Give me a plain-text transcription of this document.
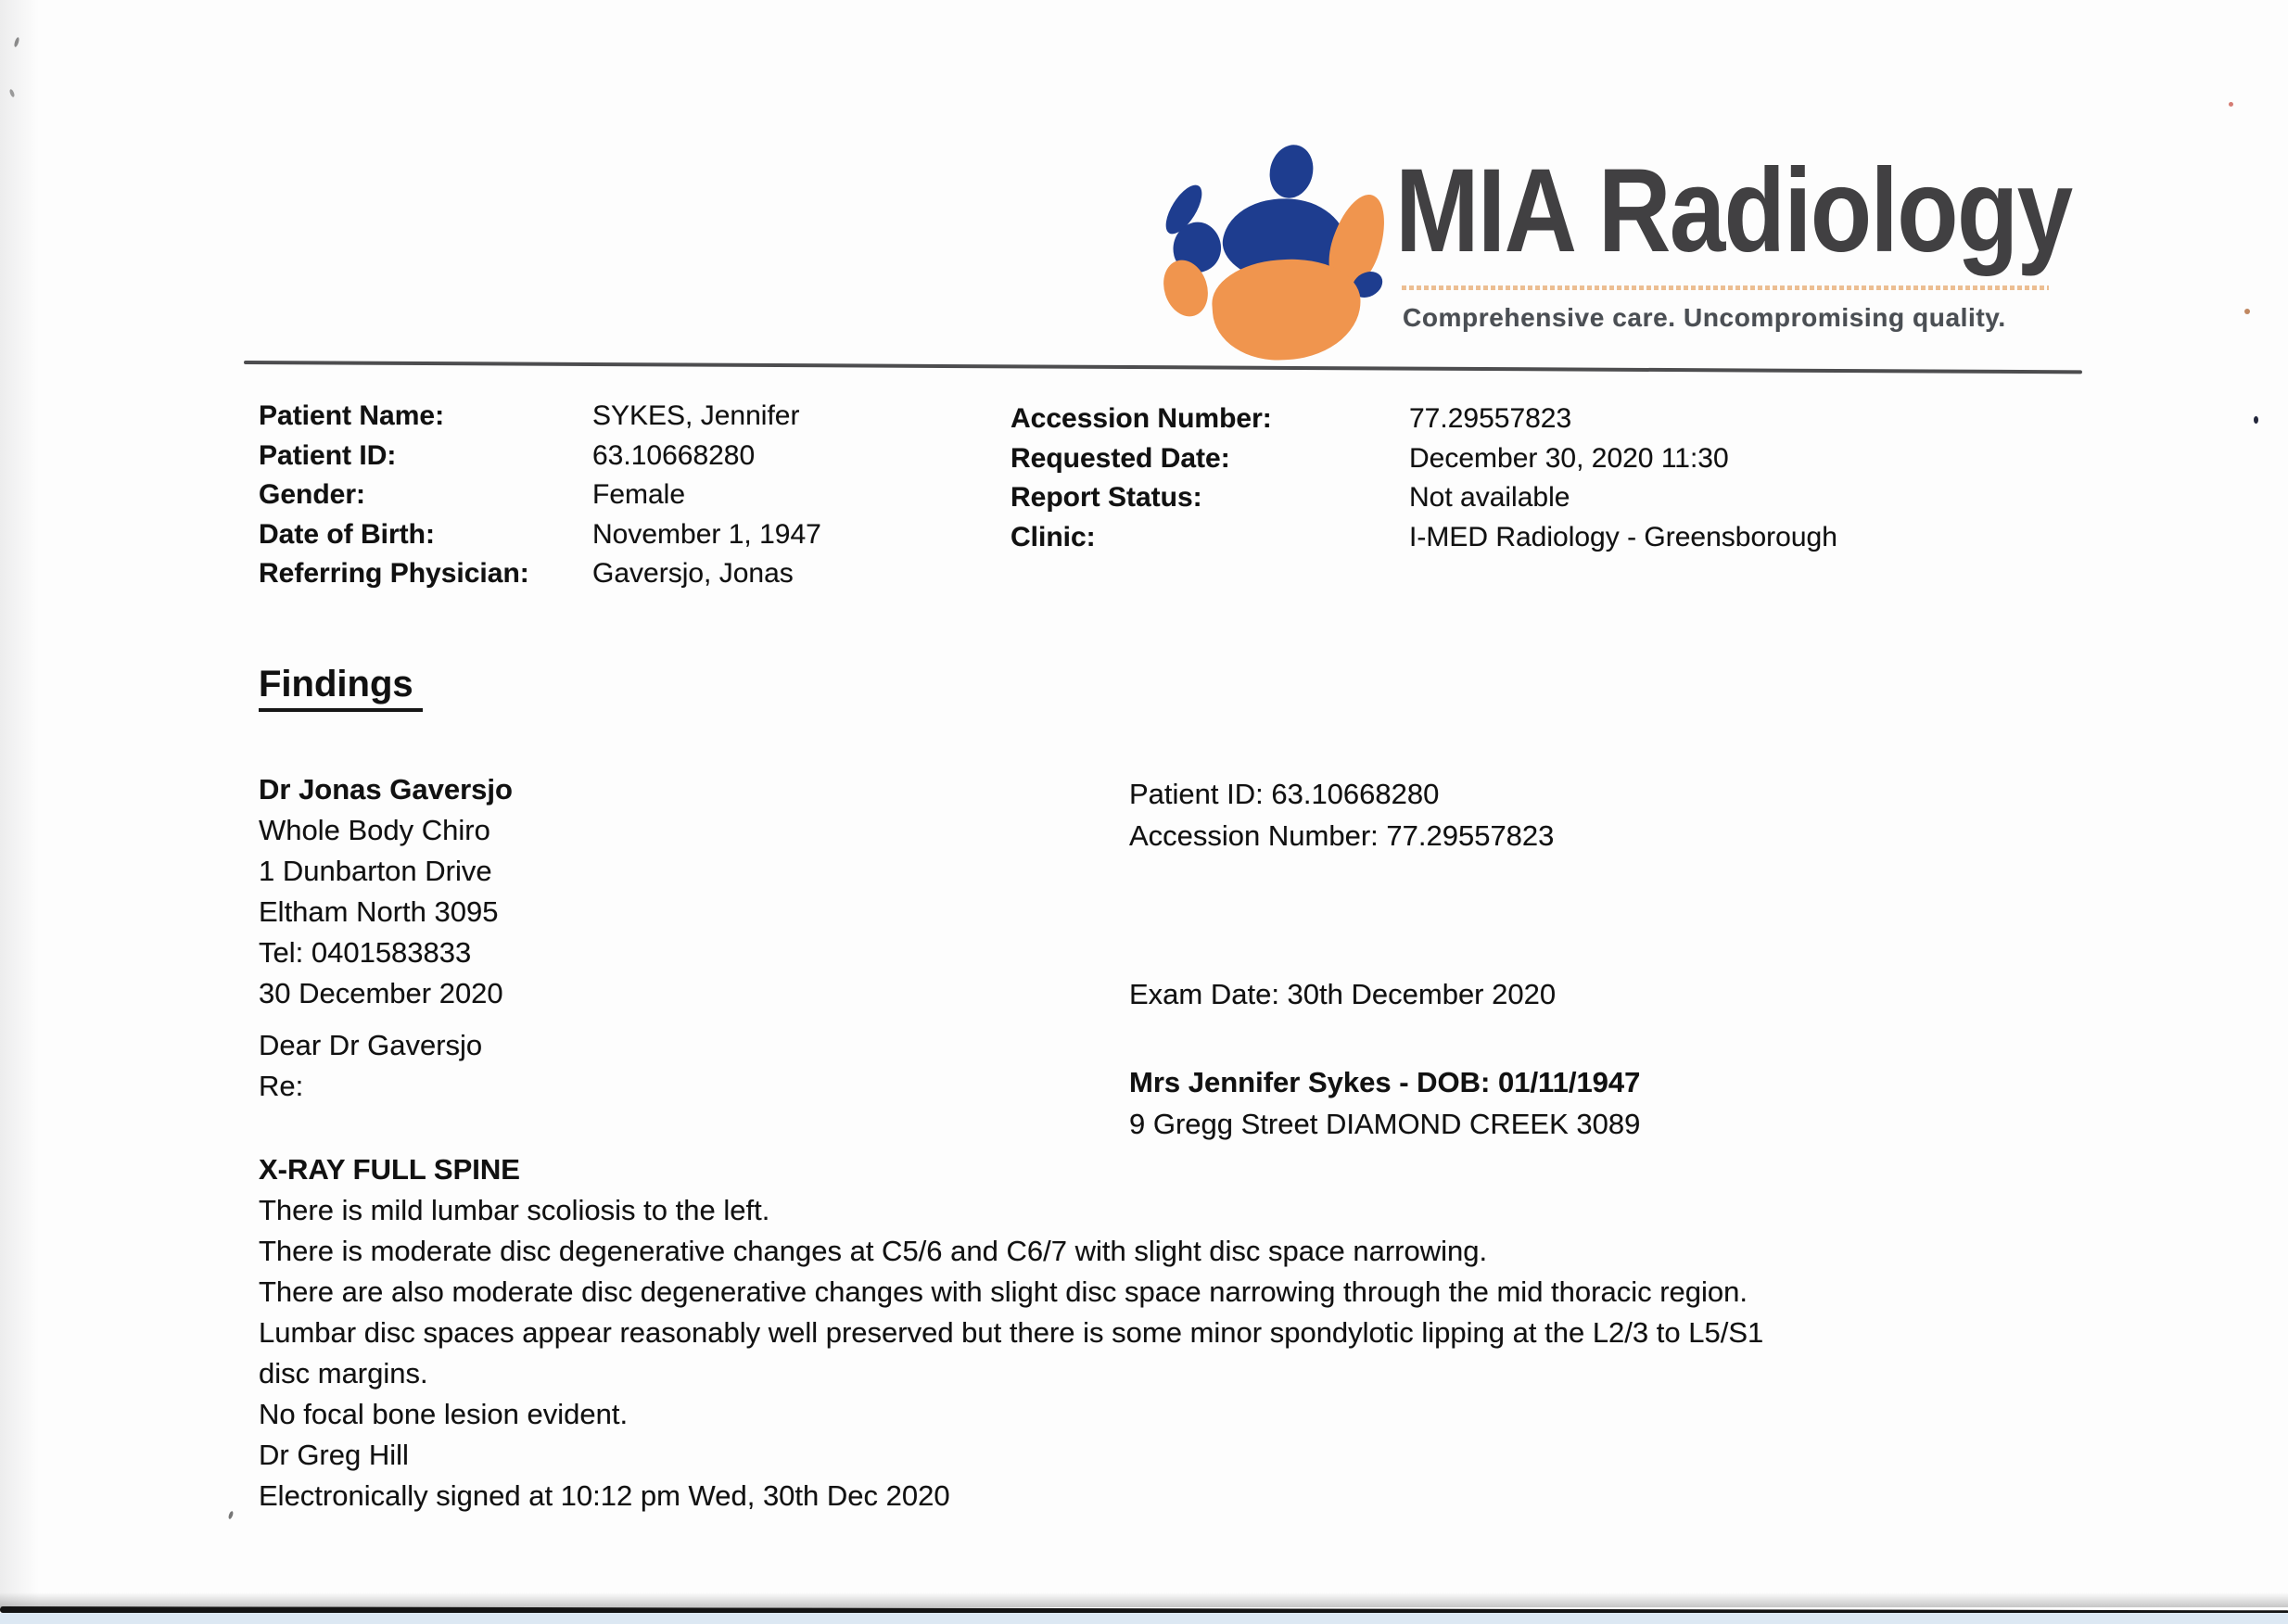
MIA Radiology
Comprehensive care. Uncompromising quality.
Patient Name:	SYKES, Jennifer
Patient ID:	63.10668280
Gender:	Female
Date of Birth:	November 1, 1947
Referring Physician: Gaversjo, Jonas
Accession Number:	77.29557823
Requested Date:	December 30, 2020 11:30
Report Status:	Not available
Clinic:	I-MED Radiology - Greensborough
Findings
Dr Jonas Gaversjo
Whole Body Chiro
1 Dunbarton Drive
Eltham North 3095
Tel: 0401583833
30 December 2020
Dear Dr Gaversjo
Re:
Patient ID: 63.10668280
Accession Number: 77.29557823
Exam Date: 30th December 2020
Mrs Jennifer Sykes - DOB: 01/11/1947
9 Gregg Street DIAMOND CREEK 3089
X-RAY FULL SPINE
There is mild lumbar scoliosis to the left.
There is moderate disc degenerative changes at C5/6 and C6/7 with slight disc space narrowing.
There are also moderate disc degenerative changes with slight disc space narrowing through the mid thoracic region.
Lumbar disc spaces appear reasonably well preserved but there is some minor spondylotic lipping at the L2/3 to L5/S1
disc margins.
No focal bone lesion evident.
Dr Greg Hill
Electronically signed at 10:12 pm Wed, 30th Dec 2020
